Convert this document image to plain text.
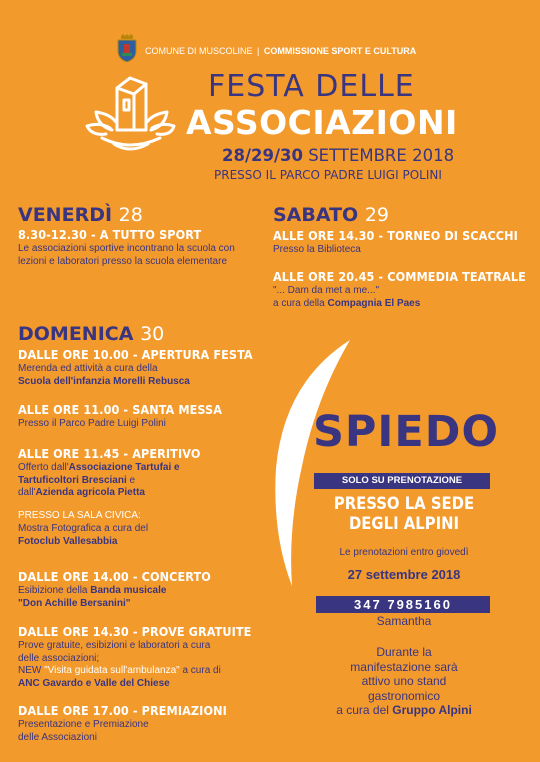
COMUNE DI MUSCOLINE | COMMISSIONE SPORT E CULTURA
FESTA DELLE
ASSOCIAZIONI
28/29/30 SETTEMBRE 2018
PRESSO IL PARCO PADRE LUIGI POLINI
VENERDÌ 28
8.30-12.30 - A TUTTO SPORT
Le associazioni sportive incontrano la scuola con lezioni e laboratori presso la scuola elementare
SABATO 29
ALLE ORE 14.30 - TORNEO DI SCACCHI
Presso la Biblioteca
ALLE ORE 20.45 - COMMEDIA TEATRALE
"... Dam da met a me..."
a cura della Compagnia El Paes
DOMENICA 30
DALLE ORE 10.00 - APERTURA FESTA
Merenda ed attività a cura della
Scuola dell'infanzia Morelli Rebusca
ALLE ORE 11.00 - SANTA MESSA
Presso il Parco Padre Luigi Polini
ALLE ORE 11.45 - APERITIVO
Offerto dall'Associazione Tartufai e
Tartuficoltori Bresciani e
dall'Azienda agricola Pietta
PRESSO LA SALA CIVICA:
Mostra Fotografica a cura del
Fotoclub Vallesabbia
DALLE ORE 14.00 - CONCERTO
Esibizione della Banda musicale
"Don Achille Bersanini"
DALLE ORE 14.30 - PROVE GRATUITE
Prove gratuite, esibizioni e laboratori a cura
delle associazioni;
NEW "Visita guidata sull'ambulanza" a cura di
ANC Gavardo e Valle del Chiese
DALLE ORE 17.00 - PREMIAZIONI
Presentazione e Premiazione
delle Associazioni
SPIEDO
SOLO SU PRENOTAZIONE
PRESSO LA SEDE
DEGLI ALPINI
Le prenotazioni entro giovedì
27 settembre 2018
347 7985160
Samantha
Durante la
manifestazione sarà
attivo uno stand
gastronomico
a cura del Gruppo Alpini
